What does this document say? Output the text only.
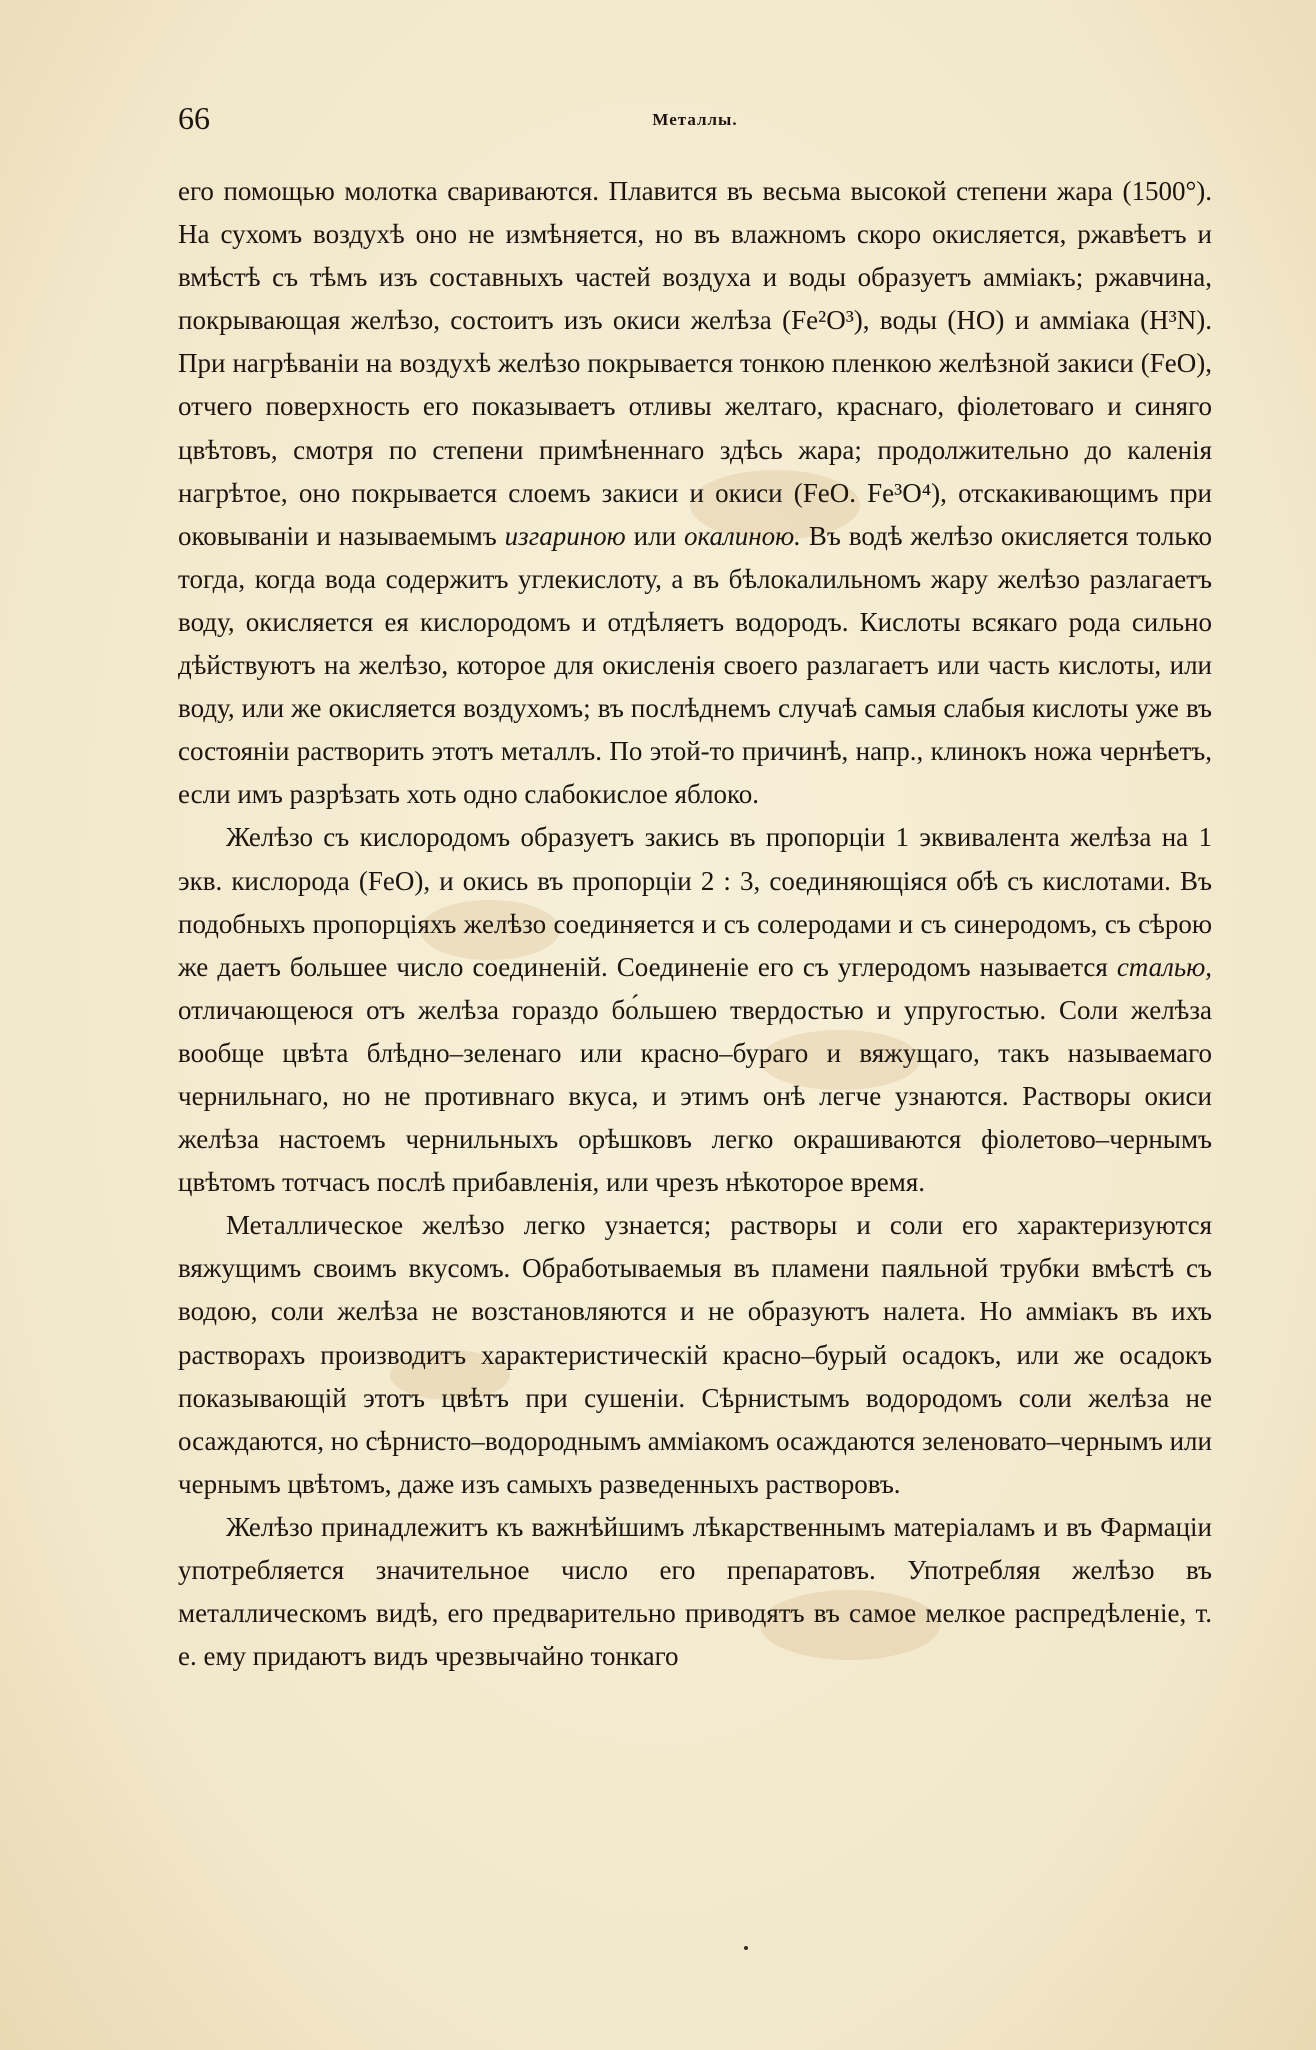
66	Металлы.

его помощью молотка свариваются. Плавится въ весьма высокой степени жара (1500°). На сухомъ воздухѣ оно не измѣняется, но въ влажномъ скоро окисляется, ржавѣетъ и вмѣстѣ съ тѣмъ изъ составныхъ частей воздуха и воды образуетъ амміакъ; ржавчина, покрывающая желѣзо, состоитъ изъ окиси желѣза (Fe²O³), воды (HO) и амміака (H³N). При нагрѣваніи на воздухѣ желѣзо покрывается тонкою пленкою желѣзной закиси (FeO), отчего поверхность его показываетъ отливы желтаго, краснаго, фіолетоваго и синяго цвѣтовъ, смотря по степени примѣненнаго здѣсь жара; продолжительно до каленія нагрѣтое, оно покрывается слоемъ закиси и окиси (FeO. Fe³O⁴), отскакивающимъ при оковываніи и называемымъ изгариною или окалиною. Въ водѣ желѣзо окисляется только тогда, когда вода содержитъ углекислоту, а въ бѣлокалильномъ жару желѣзо разлагаетъ воду, окисляется ея кислородомъ и отдѣляетъ водородъ. Кислоты всякаго рода сильно дѣйствуютъ на желѣзо, которое для окисленія своего разлагаетъ или часть кислоты, или воду, или же окисляется воздухомъ; въ послѣднемъ случаѣ самыя слабыя кислоты уже въ состояніи растворить этотъ металлъ. По этой-то причинѣ, напр., клинокъ ножа чернѣетъ, если имъ разрѣзать хоть одно слабокислое яблоко.

Желѣзо съ кислородомъ образуетъ закись въ пропорціи 1 эквивалента желѣза на 1 экв. кислорода (FeO), и окись въ пропорціи 2 : 3, соединяющіяся обѣ съ кислотами. Въ подобныхъ пропорціяхъ желѣзо соединяется и съ солеродами и съ синеродомъ, съ сѣрою же даетъ большее число соединеній. Соединеніе его съ углеродомъ называется сталью, отличающеюся отъ желѣза гораздо бо́льшею твердостью и упругостью. Соли желѣза вообще цвѣта блѣдно–зеленаго или красно–бураго и вяжущаго, такъ называемаго чернильнаго, но не противнаго вкуса, и этимъ онѣ легче узнаются. Растворы окиси желѣза настоемъ чернильныхъ орѣшковъ легко окрашиваются фіолетово–чернымъ цвѣтомъ тотчасъ послѣ прибавленія, или чрезъ нѣкоторое время.

Металлическое желѣзо легко узнается; растворы и соли его характеризуются вяжущимъ своимъ вкусомъ. Обработываемыя въ пламени паяльной трубки вмѣстѣ съ водою, соли желѣза не возстановляются и не образуютъ налета. Но амміакъ въ ихъ растворахъ производитъ характеристическій красно–бурый осадокъ, или же осадокъ показывающій этотъ цвѣтъ при сушеніи. Сѣрнистымъ водородомъ соли желѣза не осаждаются, но сѣрнисто–водороднымъ амміакомъ осаждаются зеленовато–чернымъ или чернымъ цвѣтомъ, даже изъ самыхъ разведенныхъ растворовъ.

Желѣзо принадлежитъ къ важнѣйшимъ лѣкарственнымъ матеріаламъ и въ Фармаціи употребляется значительное число его препаратовъ. Употребляя желѣзо въ металлическомъ видѣ, его предварительно приводятъ въ самое мелкое распредѣленіе, т. е. ему придаютъ видъ чрезвычайно тонкаго
